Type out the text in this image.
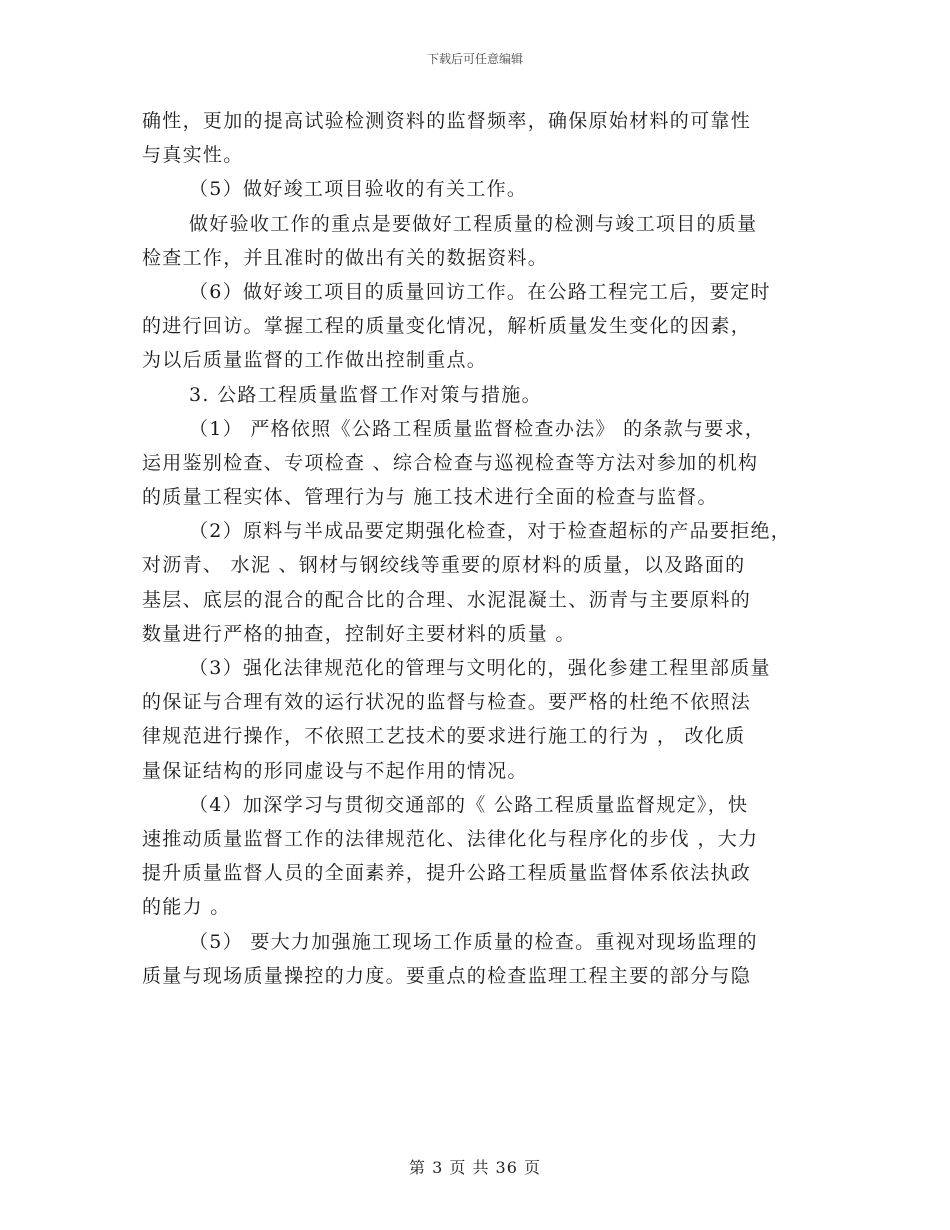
下载后可任意编辑
确性，更加的提高试验检测资料的监督频率，确保原始材料的可靠性
与真实性。
（5）做好竣工项目验收的有关工作。
做好验收工作的重点是要做好工程质量的检测与竣工项目的质量
检查工作，并且准时的做出有关的数据资料。
（6）做好竣工项目的质量回访工作。在公路工程完工后，要定时
的进行回访。掌握工程的质量变化情况，解析质量发生变化的因素，
为以后质量监督的工作做出控制重点。
3. 公路工程质量监督工作对策与措施。
（1） 严格依照《公路工程质量监督检查办法》 的条款与要求，
运用鉴别检查、专项检查 、综合检查与巡视检查等方法对参加的机构
的质量工程实体、管理行为与 施工技术进行全面的检查与监督。
（2）原料与半成品要定期强化检查，对于检查超标的产品要拒绝，
对沥青、 水泥 、钢材与钢绞线等重要的原材料的质量，以及路面的
基层、底层的混合的配合比的合理、水泥混凝土、沥青与主要原料的
数量进行严格的抽查，控制好主要材料的质量 。
（3）强化法律规范化的管理与文明化的，强化参建工程里部质量
的保证与合理有效的运行状况的监督与检查。要严格的杜绝不依照法
律规范进行操作，不依照工艺技术的要求进行施工的行为 ， 改化质
量保证结构的形同虚设与不起作用的情况。
（4）加深学习与贯彻交通部的《 公路工程质量监督规定》，快
速推动质量监督工作的法律规范化、法律化化与程序化的步伐 ，大力
提升质量监督人员的全面素养，提升公路工程质量监督体系依法执政
的能力 。
（5） 要大力加强施工现场工作质量的检查。重视对现场监理的
质量与现场质量操控的力度。要重点的检查监理工程主要的部分与隐
第 3 页 共 36 页
